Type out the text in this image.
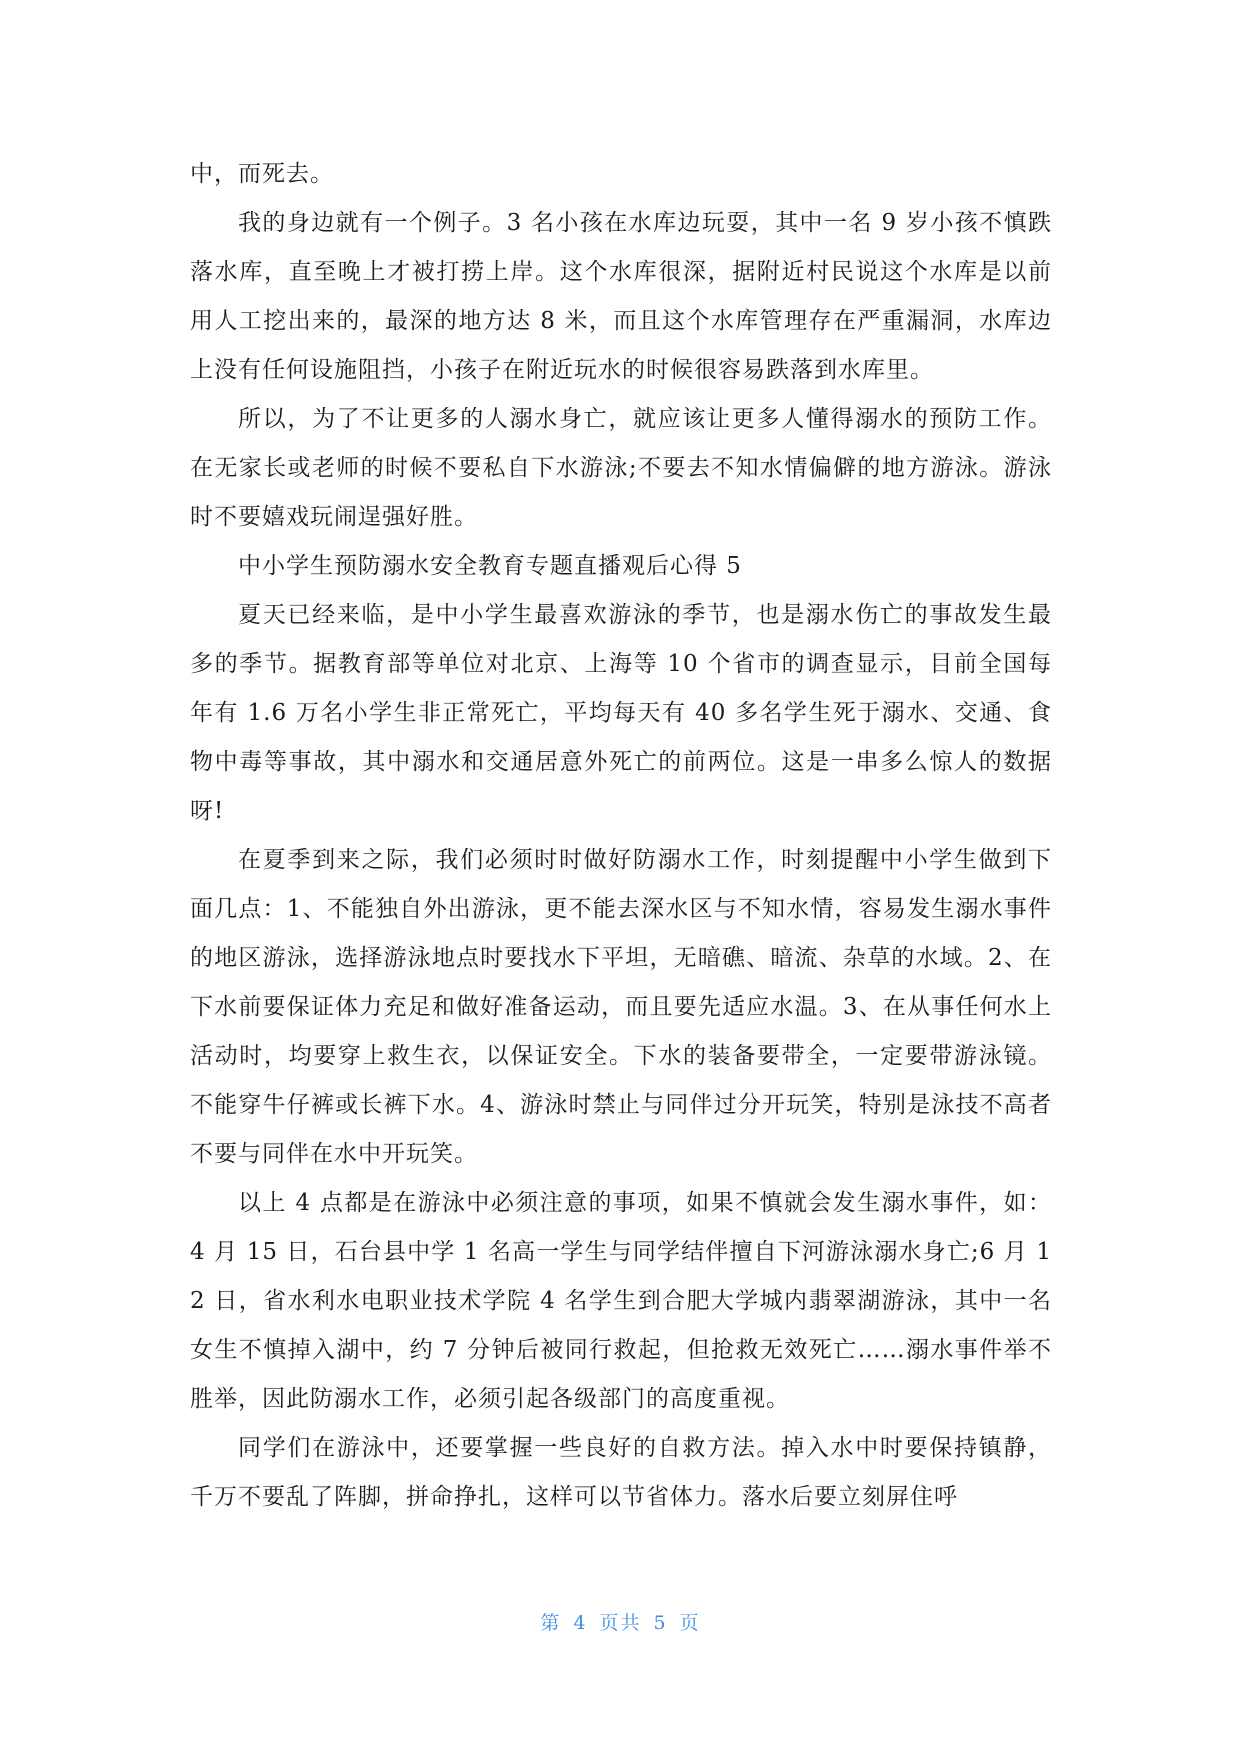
中，而死去。

我的身边就有一个例子。3 名小孩在水库边玩耍，其中一名 9 岁小孩不慎跌落水库，直至晚上才被打捞上岸。这个水库很深，据附近村民说这个水库是以前用人工挖出来的，最深的地方达 8 米，而且这个水库管理存在严重漏洞，水库边上没有任何设施阻挡，小孩子在附近玩水的时候很容易跌落到水库里。

所以，为了不让更多的人溺水身亡，就应该让更多人懂得溺水的预防工作。在无家长或老师的时候不要私自下水游泳;不要去不知水情偏僻的地方游泳。游泳时不要嬉戏玩闹逞强好胜。

中小学生预防溺水安全教育专题直播观后心得 5

夏天已经来临，是中小学生最喜欢游泳的季节，也是溺水伤亡的事故发生最多的季节。据教育部等单位对北京、上海等 10 个省市的调查显示，目前全国每年有 1.6 万名小学生非正常死亡，平均每天有 40 多名学生死于溺水、交通、食物中毒等事故，其中溺水和交通居意外死亡的前两位。这是一串多么惊人的数据呀!

在夏季到来之际，我们必须时时做好防溺水工作，时刻提醒中小学生做到下面几点：1、不能独自外出游泳，更不能去深水区与不知水情，容易发生溺水事件的地区游泳，选择游泳地点时要找水下平坦，无暗礁、暗流、杂草的水域。2、在下水前要保证体力充足和做好准备运动，而且要先适应水温。3、在从事任何水上活动时，均要穿上救生衣，以保证安全。下水的装备要带全，一定要带游泳镜。不能穿牛仔裤或长裤下水。4、游泳时禁止与同伴过分开玩笑，特别是泳技不高者不要与同伴在水中开玩笑。

以上 4 点都是在游泳中必须注意的事项，如果不慎就会发生溺水事件，如：4 月 15 日，石台县中学 1 名高一学生与同学结伴擅自下河游泳溺水身亡;6 月 12 日，省水利水电职业技术学院 4 名学生到合肥大学城内翡翠湖游泳，其中一名女生不慎掉入湖中，约 7 分钟后被同行救起，但抢救无效死亡……溺水事件举不胜举，因此防溺水工作，必须引起各级部门的高度重视。

同学们在游泳中，还要掌握一些良好的自救方法。掉入水中时要保持镇静，千万不要乱了阵脚，拼命挣扎，这样可以节省体力。落水后要立刻屏住呼

第 4 页共 5 页
